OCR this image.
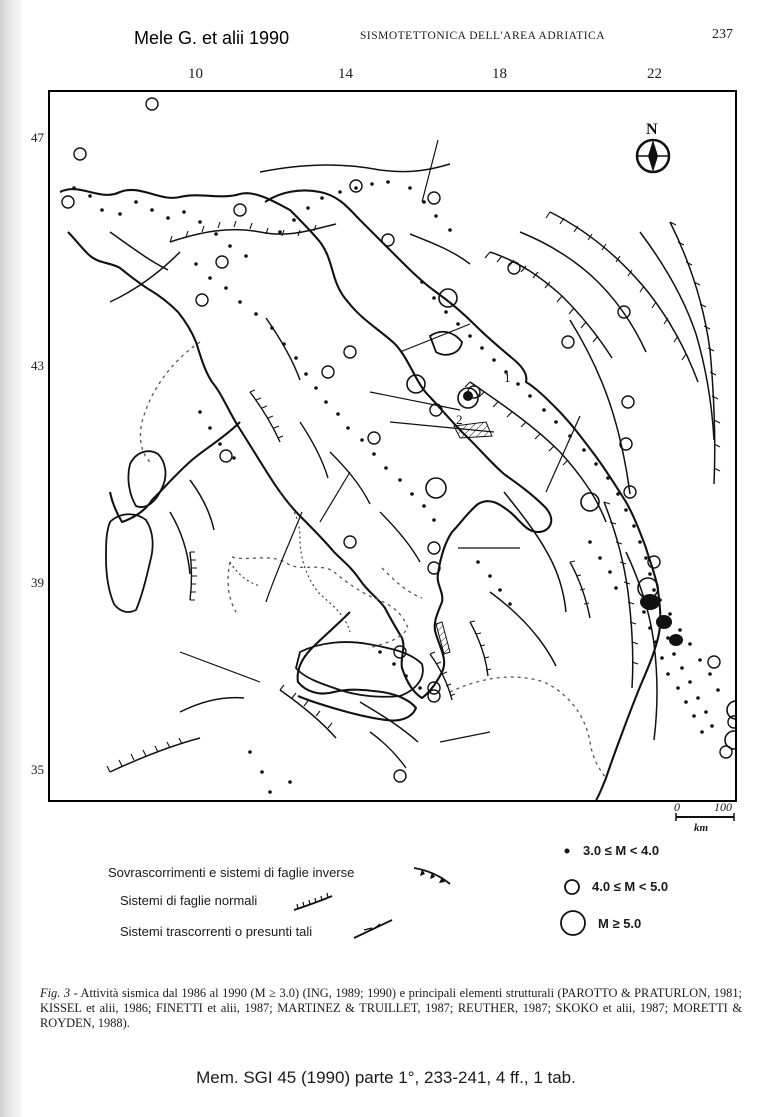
Mele G. et alii 1990	SISMOTETTONICA DELL'AREA ADRIATICA	237
10	14	18	22
47
43
39
35
2
1
N
0	100
km
Sovrascorrimenti e sistemi di faglie inverse
Sistemi di faglie normali
Sistemi trascorrenti o presunti tali
3.0 ≤ M < 4.0
4.0 ≤ M < 5.0
M ≥ 5.0
Fig. 3 - Attività sismica dal 1986 al 1990 (M ≥ 3.0) (ING, 1989; 1990) e principali elementi strutturali (PAROTTO & PRATURLON, 1981; KISSEL et alii, 1986; FINETTI et alii, 1987; MARTINEZ & TRUILLET, 1987; REUTHER, 1987; SKOKO et alii, 1987; MORETTI & ROYDEN, 1988).
Mem. SGI 45 (1990) parte 1°, 233-241, 4 ff., 1 tab.
